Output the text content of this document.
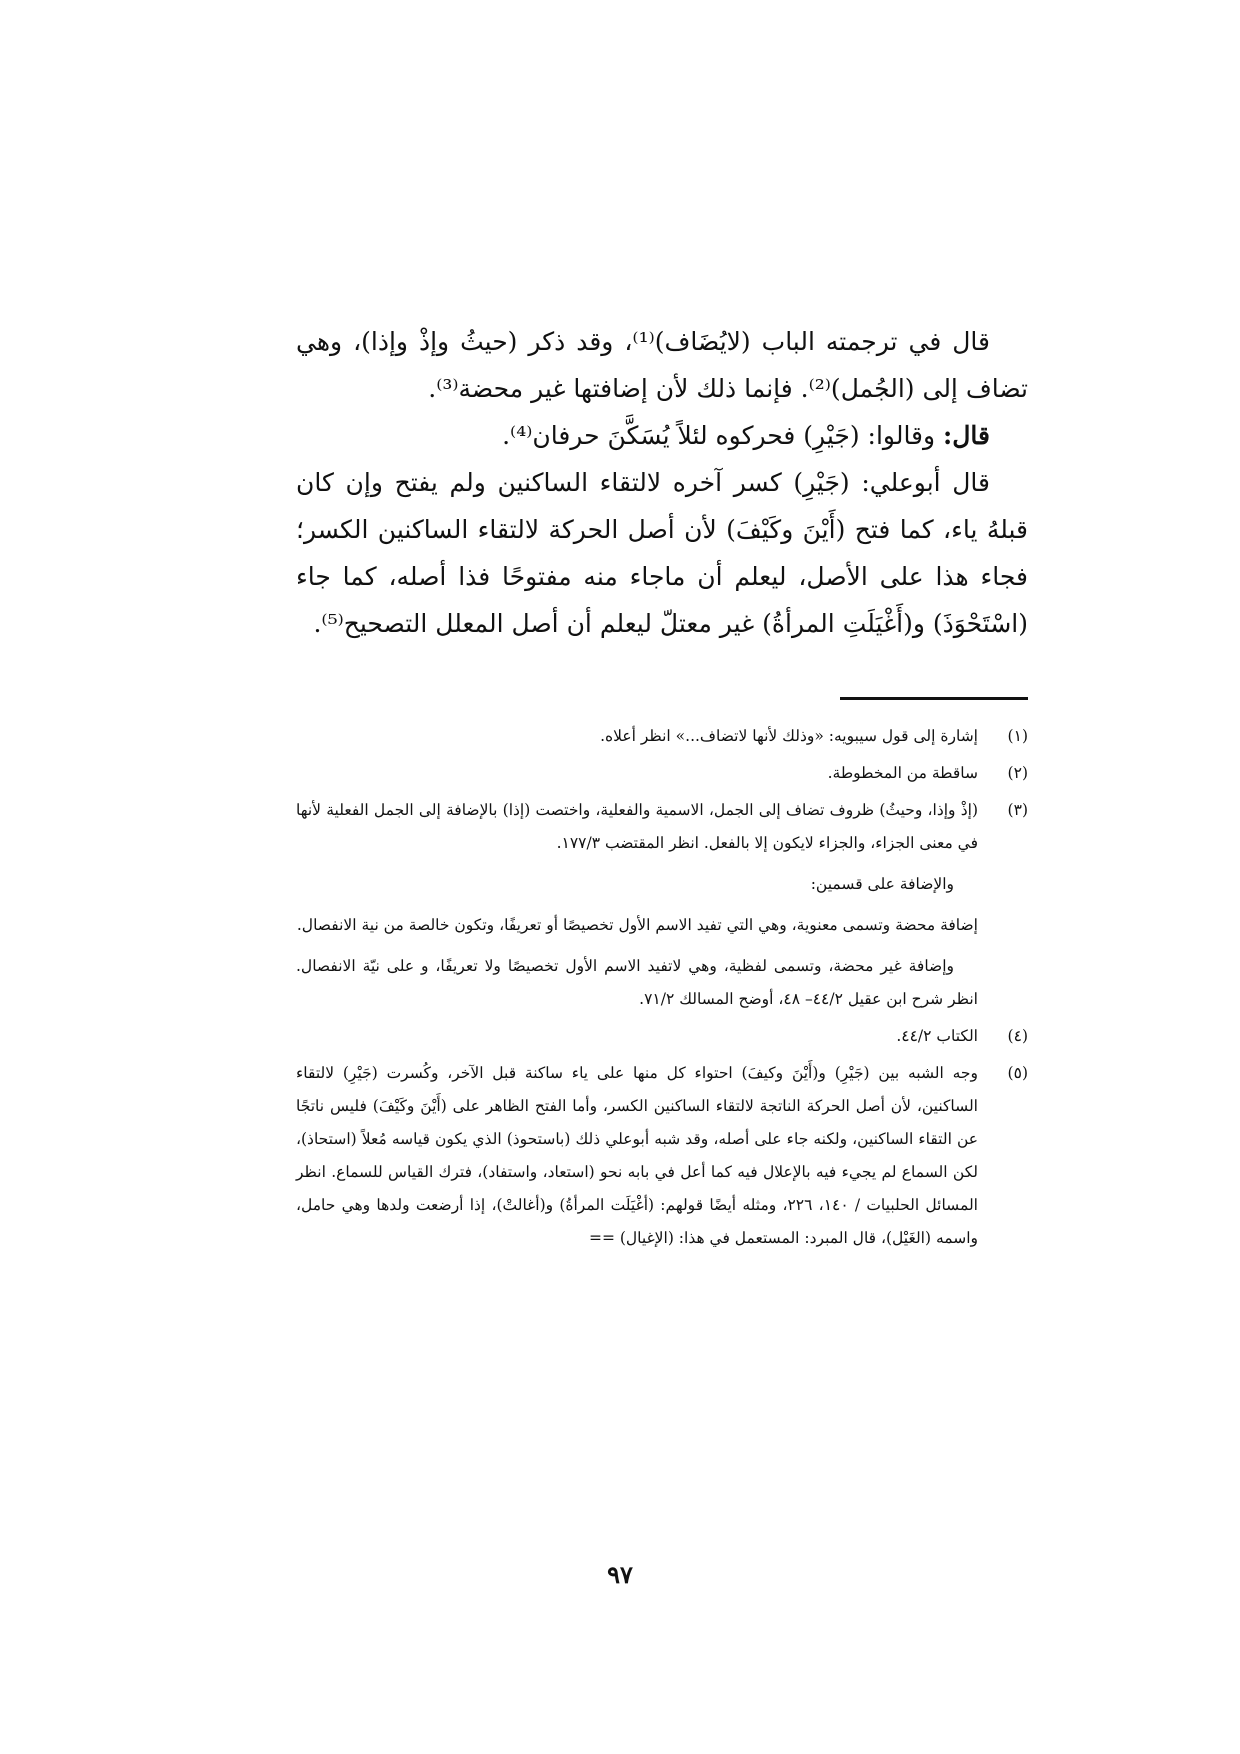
قال في ترجمته الباب (لايُضَاف)⁽¹⁾، وقد ذكر (حيثُ وإذْ وإذا)، وهي تضاف إلى (الجُمل)⁽²⁾. فإنما ذلك لأن إضافتها غير محضة⁽³⁾.

قال: وقالوا: (جَيْرِ) فحركوه لئلاً يُسَكَّنَ حرفان⁽⁴⁾.

قال أبوعلي: (جَيْرِ) كسر آخره لالتقاء الساكنين ولم يفتح وإن كان قبلهُ ياء، كما فتح (أَيْنَ وكَيْفَ) لأن أصل الحركة لالتقاء الساكنين الكسر؛ فجاء هذا على الأصل، ليعلم أن ماجاء منه مفتوحًا فذا أصله، كما جاء (اسْتَحْوَذَ) و(أَغْيَلَتِ المرأةُ) غير معتلّ ليعلم أن أصل المعلل التصحيح⁽⁵⁾.

(١)

إشارة إلى قول سيبويه: «وذلك لأنها لاتضاف...» انظر أعلاه.

(٢)

ساقطة من المخطوطة.

(٣)

(إذْ وإذا، وحيثُ) ظروف تضاف إلى الجمل، الاسمية والفعلية، واختصت (إذا) بالإضافة إلى الجمل الفعلية لأنها في معنى الجزاء، والجزاء لايكون إلا بالفعل. انظر المقتضب ١٧٧/٣.

والإضافة على قسمين:

إضافة محضة وتسمى معنوية، وهي التي تفيد الاسم الأول تخصيصًا أو تعريفًا، وتكون خالصة من نية الانفصال.

وإضافة غير محضة، وتسمى لفظية، وهي لاتفيد الاسم الأول تخصيصًا ولا تعريفًا، و على نيّة الانفصال. انظر شرح ابن عقيل ٤٤/٢– ٤٨، أوضح المسالك ٧١/٢.

(٤)

الكتاب ٤٤/٢.

(٥)

وجه الشبه بين (جَيْرِ) و(أَيْنَ وكيفَ) احتواء كل منها على ياء ساكنة قبل الآخر، وكُسرت (جَيْرِ) لالتقاء الساكنين، لأن أصل الحركة الناتجة لالتقاء الساكنين الكسر، وأما الفتح الظاهر على (أَيْنَ وكَيْفَ) فليس ناتجًا عن التقاء الساكنين، ولكنه جاء على أصله، وقد شبه أبوعلي ذلك (باستحوذ) الذي يكون قياسه مُعلاً (استحاذ)، لكن السماع لم يجيء فيه بالإعلال فيه كما أعل في بابه نحو (استعاد، واستفاد)، فترك القياس للسماع. انظر المسائل الحلبيات / ١٤٠، ٢٢٦، ومثله أيضًا قولهم: (أغْيَلَت المرأةُ) و(أغالتْ)، إذا أرضعت ولدها وهي حامل، واسمه (الغَيْل)، قال المبرد: المستعمل في هذا: (الإغيال) ==

٩٧
